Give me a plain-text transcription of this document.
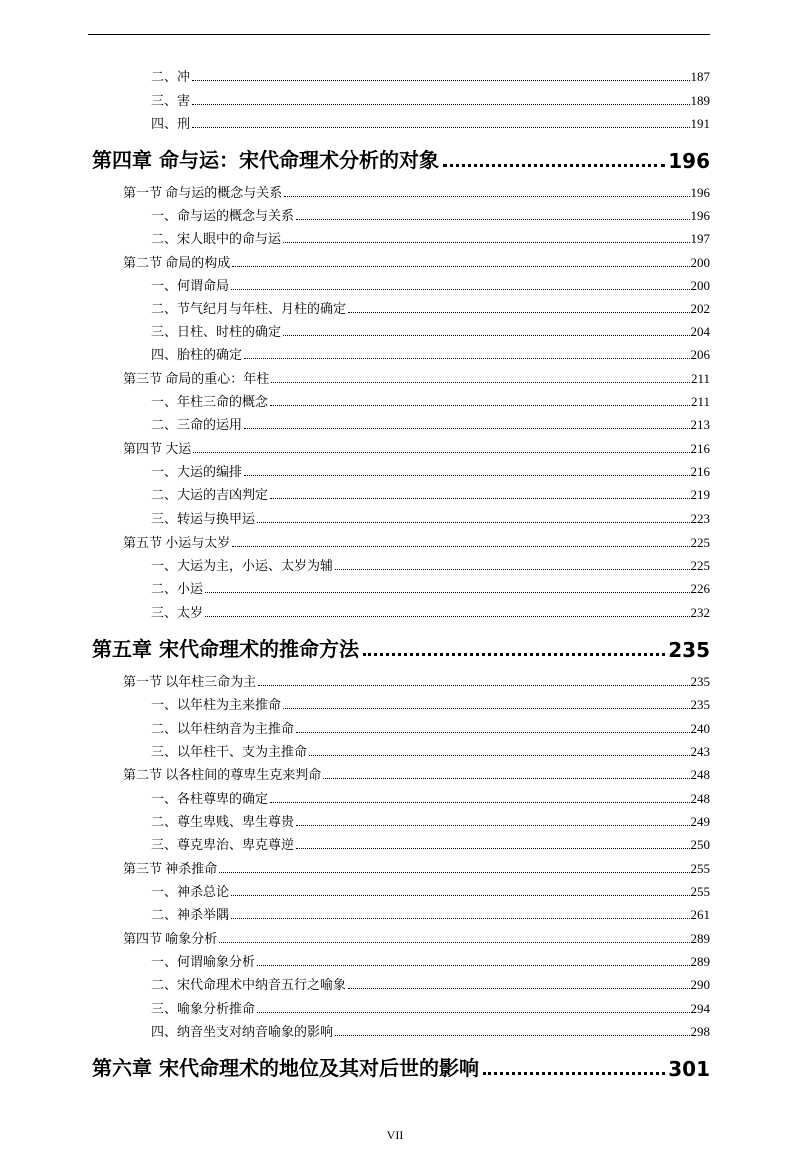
二、冲	187
三、害	189
四、刑	191
第四章 命与运：宋代命理术分析的对象	196
第一节 命与运的概念与关系	196
一、命与运的概念与关系	196
二、宋人眼中的命与运	197
第二节 命局的构成	200
一、何谓命局	200
二、节气纪月与年柱、月柱的确定	202
三、日柱、时柱的确定	204
四、胎柱的确定	206
第三节 命局的重心：年柱	211
一、年柱三命的概念	211
二、三命的运用	213
第四节 大运	216
一、大运的编排	216
二、大运的吉凶判定	219
三、转运与换甲运	223
第五节 小运与太岁	225
一、大运为主，小运、太岁为辅	225
二、小运	226
三、太岁	232
第五章 宋代命理术的推命方法	235
第一节 以年柱三命为主	235
一、以年柱为主来推命	235
二、以年柱纳音为主推命	240
三、以年柱干、支为主推命	243
第二节 以各柱间的尊卑生克来判命	248
一、各柱尊卑的确定	248
二、尊生卑贱、卑生尊贵	249
三、尊克卑治、卑克尊逆	250
第三节 神杀推命	255
一、神杀总论	255
二、神杀举隅	261
第四节 喻象分析	289
一、何谓喻象分析	289
二、宋代命理术中纳音五行之喻象	290
三、喻象分析推命	294
四、纳音坐支对纳音喻象的影响	298
第六章 宋代命理术的地位及其对后世的影响	301
VII
